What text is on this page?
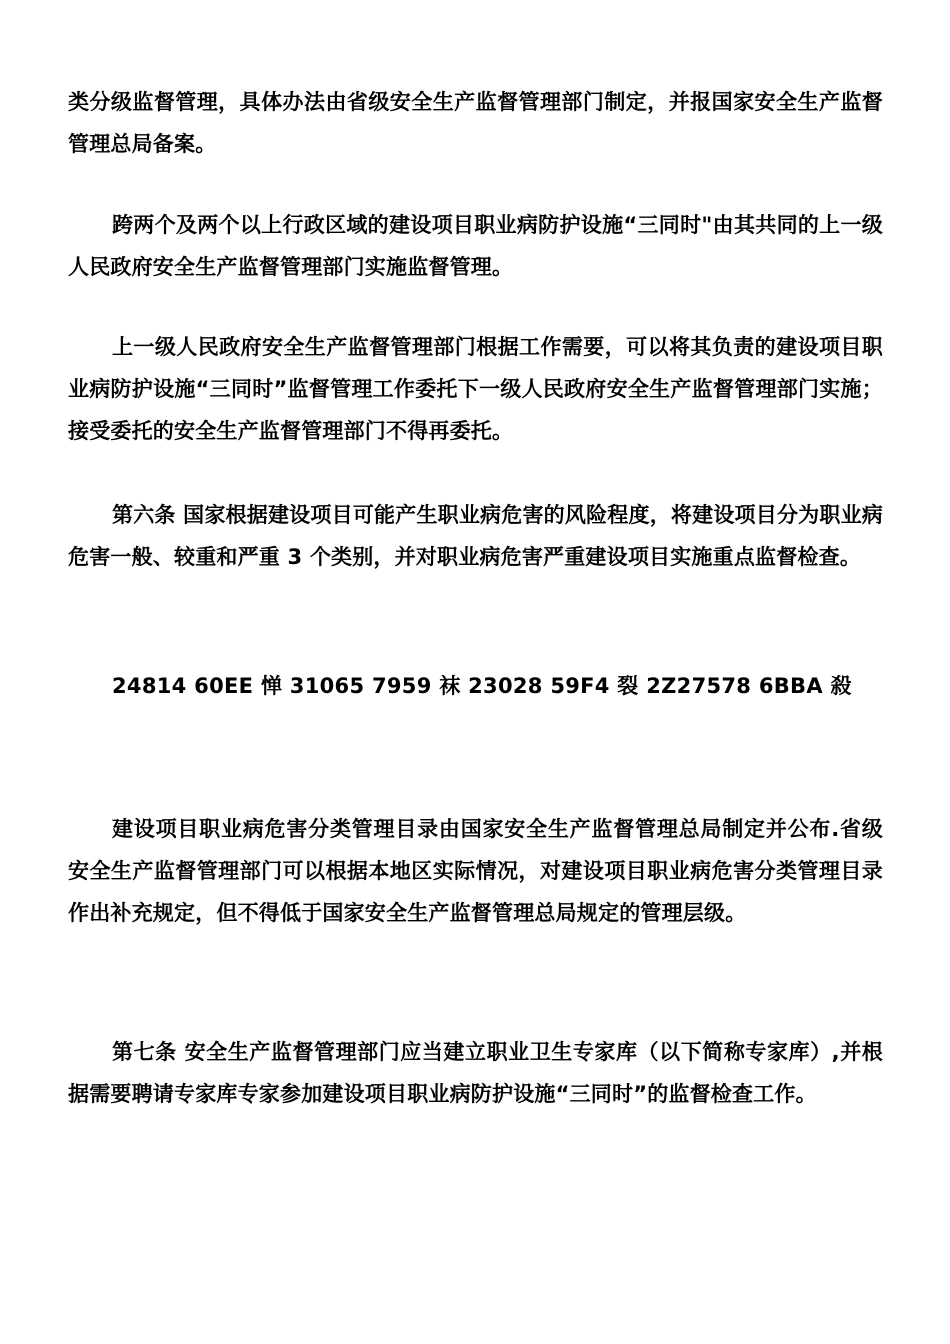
类分级监督管理，具体办法由省级安全生产监督管理部门制定，并报国家安全生产监督管理总局备案。

跨两个及两个以上行政区域的建设项目职业病防护设施“三同时"由其共同的上一级人民政府安全生产监督管理部门实施监督管理。

上一级人民政府安全生产监督管理部门根据工作需要，可以将其负责的建设项目职业病防护设施“三同时”监督管理工作委托下一级人民政府安全生产监督管理部门实施；接受委托的安全生产监督管理部门不得再委托。

第六条 国家根据建设项目可能产生职业病危害的风险程度，将建设项目分为职业病危害一般、较重和严重 3 个类别，并对职业病危害严重建设项目实施重点监督检查。

24814 60EE 惮 31065 7959 袜 23028 59F4 裂 2Z27578 6BBA 殺

建设项目职业病危害分类管理目录由国家安全生产监督管理总局制定并公布.省级安全生产监督管理部门可以根据本地区实际情况，对建设项目职业病危害分类管理目录作出补充规定，但不得低于国家安全生产监督管理总局规定的管理层级。

第七条 安全生产监督管理部门应当建立职业卫生专家库（以下简称专家库）,并根据需要聘请专家库专家参加建设项目职业病防护设施“三同时”的监督检查工作。
